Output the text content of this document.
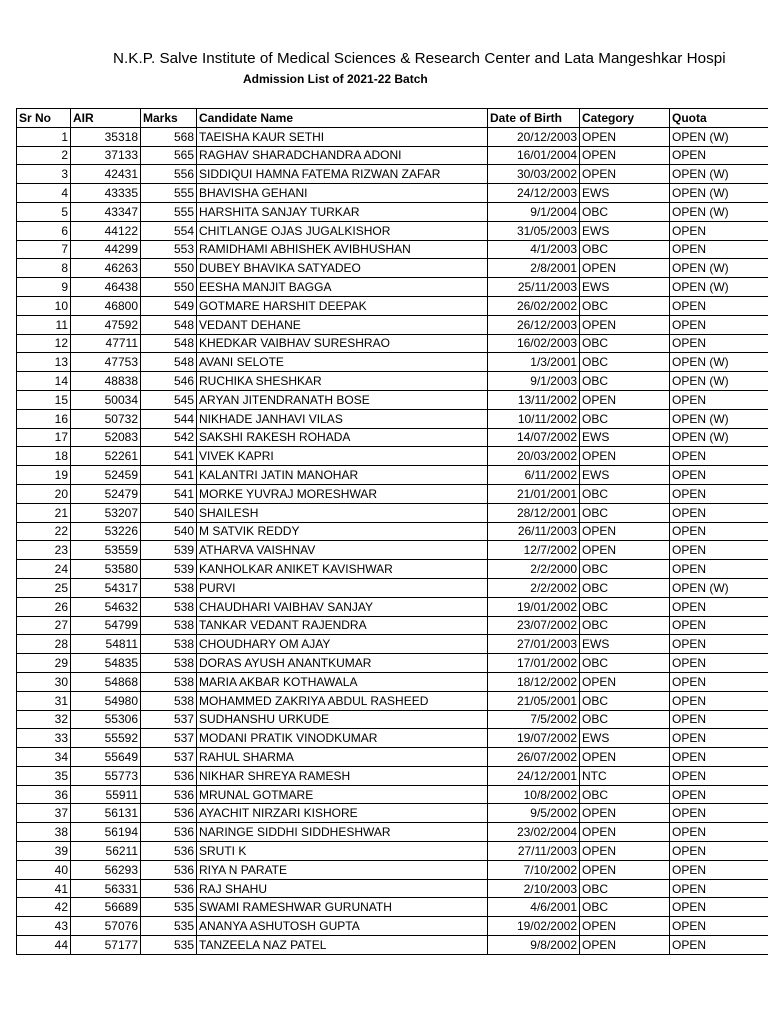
N.K.P. Salve Institute of Medical Sciences & Research Center and Lata Mangeshkar Hospi
Admission List of 2021-22 Batch
Sr No	AIR	Marks	Candidate Name	Date of Birth	Category	Quota
1	35318	568	TAEISHA KAUR SETHI	20/12/2003	OPEN	OPEN (W)
2	37133	565	RAGHAV SHARADCHANDRA ADONI	16/01/2004	OPEN	OPEN
3	42431	556	SIDDIQUI HAMNA FATEMA RIZWAN ZAFAR	30/03/2002	OPEN	OPEN (W)
4	43335	555	BHAVISHA GEHANI	24/12/2003	EWS	OPEN (W)
5	43347	555	HARSHITA SANJAY TURKAR	9/1/2004	OBC	OPEN (W)
6	44122	554	CHITLANGE OJAS JUGALKISHOR	31/05/2003	EWS	OPEN
7	44299	553	RAMIDHAMI ABHISHEK AVIBHUSHAN	4/1/2003	OBC	OPEN
8	46263	550	DUBEY BHAVIKA SATYADEO	2/8/2001	OPEN	OPEN (W)
9	46438	550	EESHA MANJIT BAGGA	25/11/2003	EWS	OPEN (W)
10	46800	549	GOTMARE HARSHIT DEEPAK	26/02/2002	OBC	OPEN
11	47592	548	VEDANT DEHANE	26/12/2003	OPEN	OPEN
12	47711	548	KHEDKAR VAIBHAV SURESHRAO	16/02/2003	OBC	OPEN
13	47753	548	AVANI SELOTE	1/3/2001	OBC	OPEN (W)
14	48838	546	RUCHIKA SHESHKAR	9/1/2003	OBC	OPEN (W)
15	50034	545	ARYAN JITENDRANATH BOSE	13/11/2002	OPEN	OPEN
16	50732	544	NIKHADE JANHAVI VILAS	10/11/2002	OBC	OPEN (W)
17	52083	542	SAKSHI RAKESH ROHADA	14/07/2002	EWS	OPEN (W)
18	52261	541	VIVEK KAPRI	20/03/2002	OPEN	OPEN
19	52459	541	KALANTRI JATIN MANOHAR	6/11/2002	EWS	OPEN
20	52479	541	MORKE YUVRAJ MORESHWAR	21/01/2001	OBC	OPEN
21	53207	540	SHAILESH	28/12/2001	OBC	OPEN
22	53226	540	M SATVIK REDDY	26/11/2003	OPEN	OPEN
23	53559	539	ATHARVA VAISHNAV	12/7/2002	OPEN	OPEN
24	53580	539	KANHOLKAR ANIKET KAVISHWAR	2/2/2000	OBC	OPEN
25	54317	538	PURVI	2/2/2002	OBC	OPEN (W)
26	54632	538	CHAUDHARI VAIBHAV SANJAY	19/01/2002	OBC	OPEN
27	54799	538	TANKAR VEDANT RAJENDRA	23/07/2002	OBC	OPEN
28	54811	538	CHOUDHARY OM AJAY	27/01/2003	EWS	OPEN
29	54835	538	DORAS AYUSH ANANTKUMAR	17/01/2002	OBC	OPEN
30	54868	538	MARIA AKBAR KOTHAWALA	18/12/2002	OPEN	OPEN
31	54980	538	MOHAMMED ZAKRIYA ABDUL RASHEED	21/05/2001	OBC	OPEN
32	55306	537	SUDHANSHU URKUDE	7/5/2002	OBC	OPEN
33	55592	537	MODANI PRATIK VINODKUMAR	19/07/2002	EWS	OPEN
34	55649	537	RAHUL SHARMA	26/07/2002	OPEN	OPEN
35	55773	536	NIKHAR SHREYA RAMESH	24/12/2001	NTC	OPEN
36	55911	536	MRUNAL GOTMARE	10/8/2002	OBC	OPEN
37	56131	536	AYACHIT NIRZARI KISHORE	9/5/2002	OPEN	OPEN
38	56194	536	NARINGE SIDDHI SIDDHESHWAR	23/02/2004	OPEN	OPEN
39	56211	536	SRUTI K	27/11/2003	OPEN	OPEN
40	56293	536	RIYA N PARATE	7/10/2002	OPEN	OPEN
41	56331	536	RAJ SHAHU	2/10/2003	OBC	OPEN
42	56689	535	SWAMI RAMESHWAR GURUNATH	4/6/2001	OBC	OPEN
43	57076	535	ANANYA ASHUTOSH GUPTA	19/02/2002	OPEN	OPEN
44	57177	535	TANZEELA NAZ PATEL	9/8/2002	OPEN	OPEN
